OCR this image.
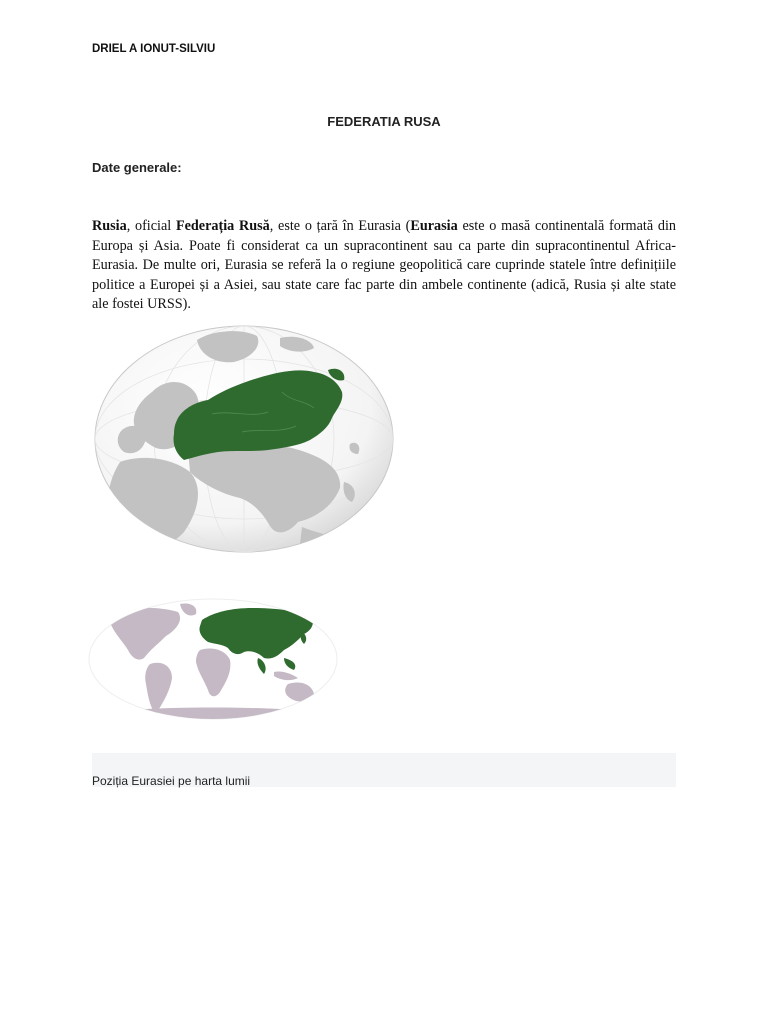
DRIEL A IONUT-SILVIU
FEDERATIA RUSA
Date generale:
Rusia, oficial Federația Rusă, este o țară în Eurasia (Eurasia este o masă continentală formată din Europa și Asia. Poate fi considerat ca un supracontinent sau ca parte din supracontinentul Africa-Eurasia. De multe ori, Eurasia se referă la o regiune geopolitică care cuprinde statele între definițiile politice a Europei și a Asiei, sau state care fac parte din ambele continente (adică, Rusia și alte state ale fostei URSS).
Poziția Eurasiei pe harta lumii
